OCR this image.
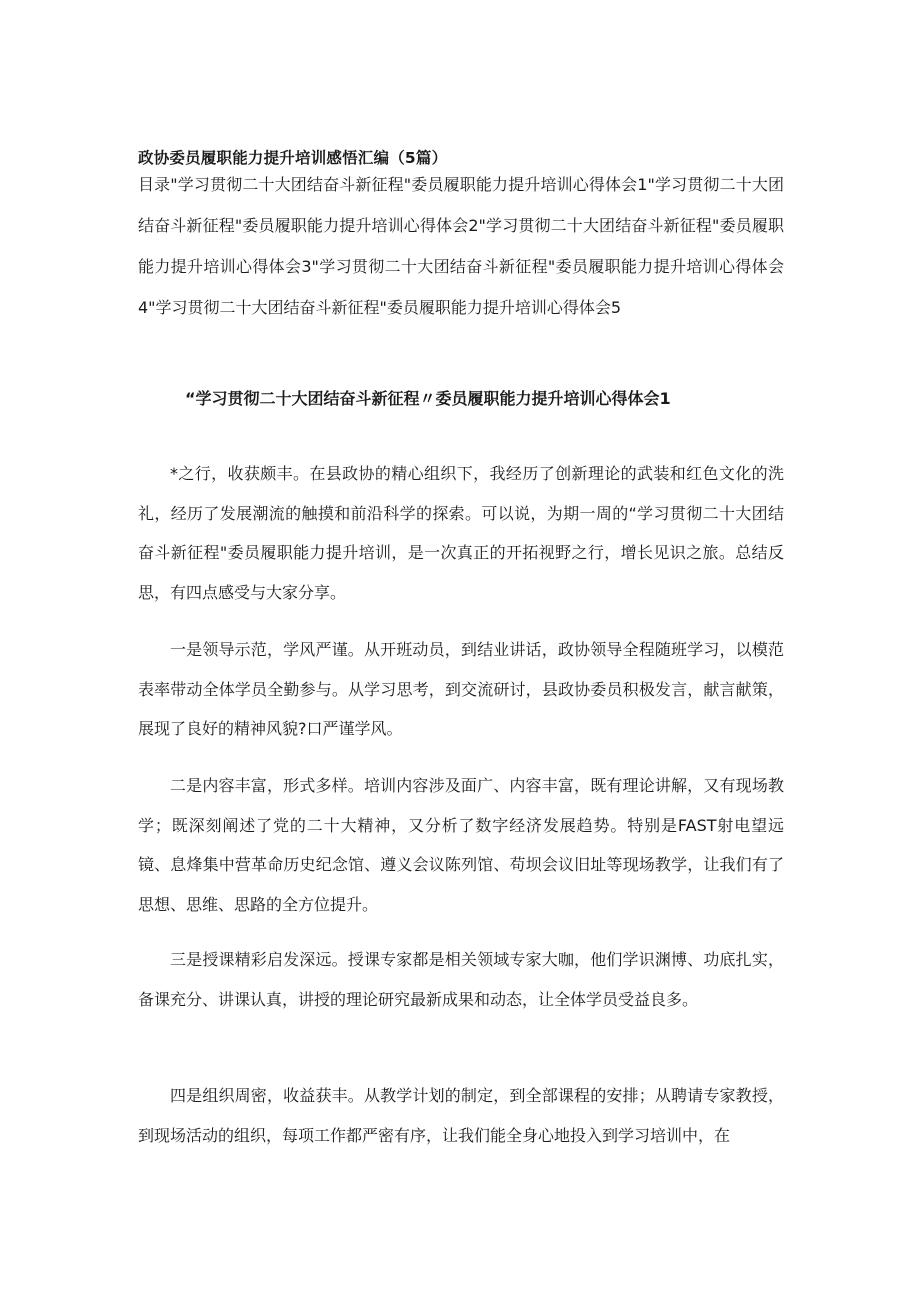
政协委员履职能力提升培训感悟汇编（5篇）
目录"学习贯彻二十大团结奋斗新征程"委员履职能力提升培训心得体会1"学习贯彻二十大团结奋斗新征程"委员履职能力提升培训心得体会2"学习贯彻二十大团结奋斗新征程"委员履职能力提升培训心得体会3"学习贯彻二十大团结奋斗新征程"委员履职能力提升培训心得体会4"学习贯彻二十大团结奋斗新征程"委员履职能力提升培训心得体会5
“学习贯彻二十大团结奋斗新征程〃委员履职能力提升培训心得体会1
*之行，收获颇丰。在县政协的精心组织下，我经历了创新理论的武装和红色文化的洗礼，经历了发展潮流的触摸和前沿科学的探索。可以说，为期一周的“学习贯彻二十大团结奋斗新征程"委员履职能力提升培训，是一次真正的开拓视野之行，增长见识之旅。总结反思，有四点感受与大家分享。
一是领导示范，学风严谨。从开班动员，到结业讲话，政协领导全程随班学习，以模范表率带动全体学员全勤参与。从学习思考，到交流研讨，县政协委员积极发言，献言献策，展现了良好的精神风貌?口严谨学风。
二是内容丰富，形式多样。培训内容涉及面广、内容丰富，既有理论讲解，又有现场教学；既深刻阐述了党的二十大精神，又分析了数字经济发展趋势。特别是FAST射电望远镜、息烽集中营革命历史纪念馆、遵义会议陈列馆、苟坝会议旧址等现场教学，让我们有了思想、思维、思路的全方位提升。
三是授课精彩启发深远。授课专家都是相关领域专家大咖，他们学识渊博、功底扎实，备课充分、讲课认真，讲授的理论研究最新成果和动态，让全体学员受益良多。
四是组织周密，收益获丰。从教学计划的制定，到全部课程的安排；从聘请专家教授，到现场活动的组织，每项工作都严密有序，让我们能全身心地投入到学习培训中，在
